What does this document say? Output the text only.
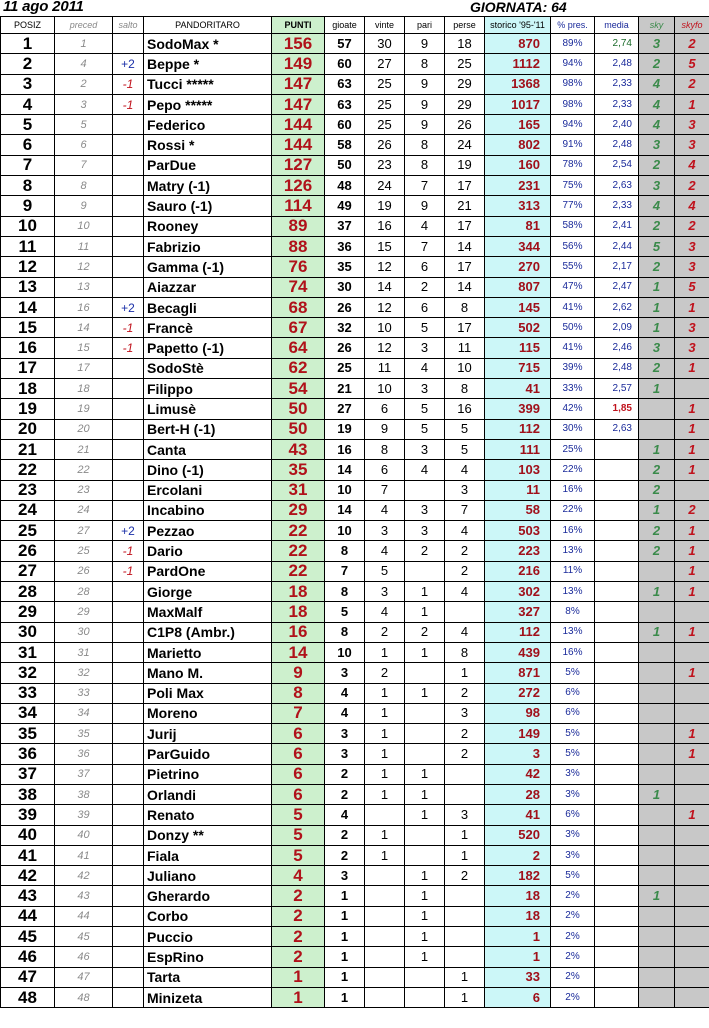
11 ago 2011	GIORNATA: 64
POSIZ	preced	salto	PANDORITARO	PUNTI	gioate	vinte	pari	perse	storico '95-'11	% pres.	media	sky	skyfo
1	1		SodoMax *	156	57	30	9	18	870	89%	2,74	3	2
2	4	+2	Beppe *	149	60	27	8	25	1112	94%	2,48	2	5
3	2	-1	Tucci *****	147	63	25	9	29	1368	98%	2,33	4	2
4	3	-1	Pepo *****	147	63	25	9	29	1017	98%	2,33	4	1
5	5		Federico	144	60	25	9	26	165	94%	2,40	4	3
6	6		Rossi *	144	58	26	8	24	802	91%	2,48	3	3
7	7		ParDue	127	50	23	8	19	160	78%	2,54	2	4
8	8		Matry (-1)	126	48	24	7	17	231	75%	2,63	3	2
9	9		Sauro (-1)	114	49	19	9	21	313	77%	2,33	4	4
10	10		Rooney	89	37	16	4	17	81	58%	2,41	2	2
11	11		Fabrizio	88	36	15	7	14	344	56%	2,44	5	3
12	12		Gamma (-1)	76	35	12	6	17	270	55%	2,17	2	3
13	13		Aiazzar	74	30	14	2	14	807	47%	2,47	1	5
14	16	+2	Becagli	68	26	12	6	8	145	41%	2,62	1	1
15	14	-1	Francè	67	32	10	5	17	502	50%	2,09	1	3
16	15	-1	Papetto (-1)	64	26	12	3	11	115	41%	2,46	3	3
17	17		SodoStè	62	25	11	4	10	715	39%	2,48	2	1
18	18		Filippo	54	21	10	3	8	41	33%	2,57	1	
19	19		Limusè	50	27	6	5	16	399	42%	1,85		1
20	20		Bert-H (-1)	50	19	9	5	5	112	30%	2,63		1
21	21		Canta	43	16	8	3	5	111	25%		1	1
22	22		Dino (-1)	35	14	6	4	4	103	22%		2	1
23	23		Ercolani	31	10	7		3	11	16%		2	
24	24		Incabino	29	14	4	3	7	58	22%		1	2
25	27	+2	Pezzao	22	10	3	3	4	503	16%		2	1
26	25	-1	Dario	22	8	4	2	2	223	13%		2	1
27	26	-1	PardOne	22	7	5		2	216	11%			1
28	28		Giorge	18	8	3	1	4	302	13%		1	1
29	29		MaxMalf	18	5	4	1		327	8%			
30	30		C1P8 (Ambr.)	16	8	2	2	4	112	13%		1	1
31	31		Marietto	14	10	1	1	8	439	16%			
32	32		Mano M.	9	3	2		1	871	5%			1
33	33		Poli Max	8	4	1	1	2	272	6%			
34	34		Moreno	7	4	1		3	98	6%			
35	35		Jurij	6	3	1		2	149	5%			1
36	36		ParGuido	6	3	1		2	3	5%			1
37	37		Pietrino	6	2	1	1		42	3%			
38	38		Orlandi	6	2	1	1		28	3%		1	
39	39		Renato	5	4		1	3	41	6%			1
40	40		Donzy **	5	2	1		1	520	3%			
41	41		Fiala	5	2	1		1	2	3%			
42	42		Juliano	4	3		1	2	182	5%			
43	43		Gherardo	2	1		1		18	2%		1	
44	44		Corbo	2	1		1		18	2%			
45	45		Puccio	2	1		1		1	2%			
46	46		EspRino	2	1		1		1	2%			
47	47		Tarta	1	1			1	33	2%			
48	48		Minizeta	1	1			1	6	2%			
